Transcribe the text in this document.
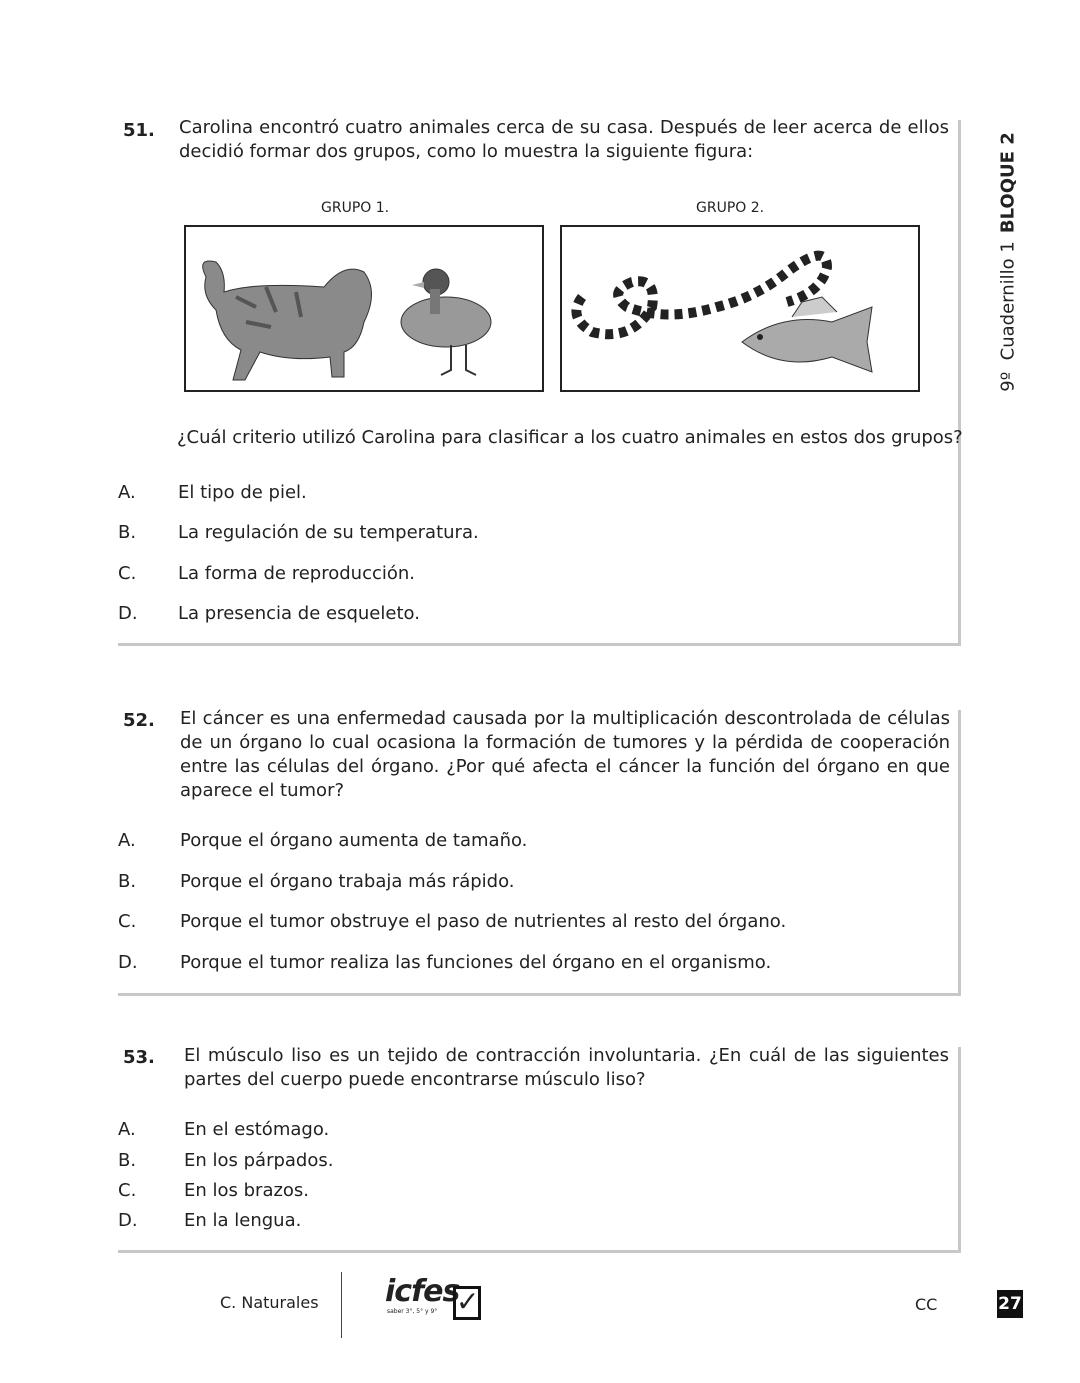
9º  Cuadernillo 1BLOQUE 2
51. Carolina encontró cuatro animales cerca de su casa. Después de leer acerca de ellos decidió formar dos grupos, como lo muestra la siguiente figura:
GRUPO 1.	GRUPO 2.
¿Cuál criterio utilizó Carolina para clasificar a los cuatro animales en estos dos grupos?
A. El tipo de piel.
B. La regulación de su temperatura.
C. La forma de reproducción.
D. La presencia de esqueleto.
52. El cáncer es una enfermedad causada por la multiplicación descontrolada de células de un órgano lo cual ocasiona la formación de tumores y la pérdida de cooperación entre las células del órgano. ¿Por qué afecta el cáncer la función del órgano en que aparece el tumor?
A. Porque el órgano aumenta de tamaño.
B. Porque el órgano trabaja más rápido.
C. Porque el tumor obstruye el paso de nutrientes al resto del órgano.
D. Porque el tumor realiza las funciones del órgano en el organismo.
53. El músculo liso es un tejido de contracción involuntaria. ¿En cuál de las siguientes partes del cuerpo puede encontrarse músculo liso?
A.	En el estómago.
B.	En los párpados.
C.	En los brazos.
D.	En la lengua.
C. Naturales icfes
saber 3°, 5° y 9° ✓	CC	27
